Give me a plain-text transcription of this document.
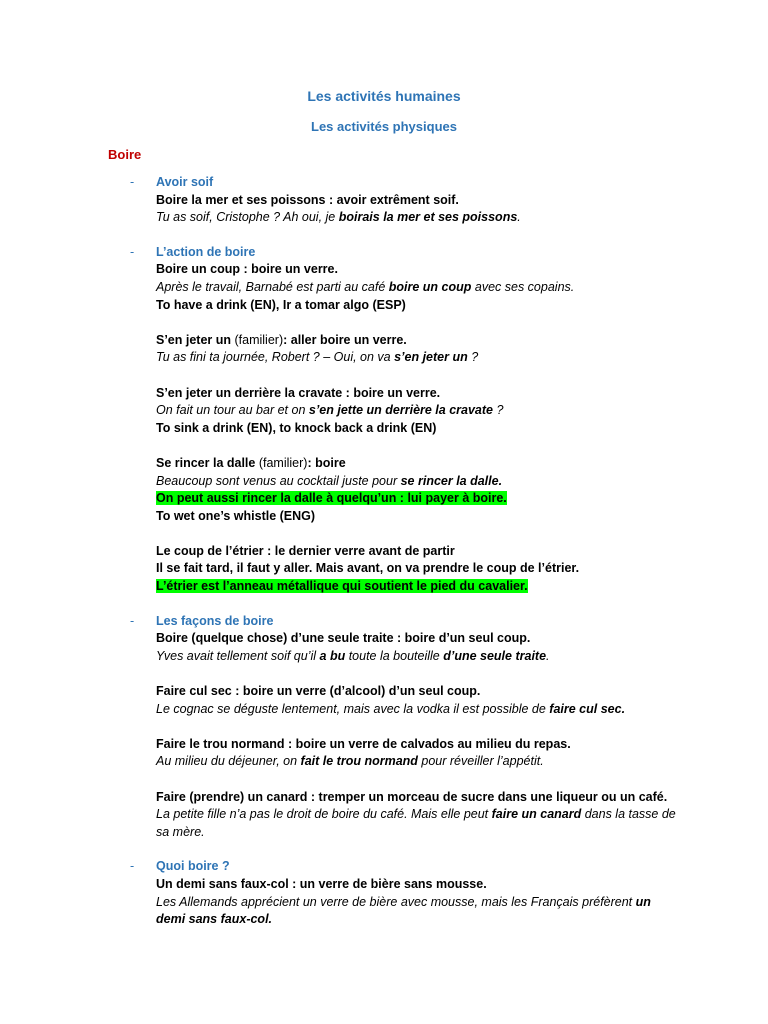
Les activités humaines
Les activités physiques
Boire
- Avoir soif
Boire la mer et ses poissons : avoir extrêment soif.
Tu as soif, Cristophe ? Ah oui, je boirais la mer et ses poissons.
- L’action de boire
Boire un coup : boire un verre.
Après le travail, Barnabé est parti au café boire un coup avec ses copains.
To have a drink (EN), Ir a tomar algo (ESP)
S’en jeter un (familier): aller boire un verre.
Tu as fini ta journée, Robert ? – Oui, on va s’en jeter un ?
S’en jeter un derrière la cravate : boire un verre.
On fait un tour au bar et on s’en jette un derrière la cravate ?
To sink a drink (EN), to knock back a drink (EN)
Se rincer la dalle (familier): boire
Beaucoup sont venus au cocktail juste pour se rincer la dalle.
On peut aussi rincer la dalle à quelqu’un : lui payer à boire.
To wet one’s whistle (ENG)
Le coup de l’étrier : le dernier verre avant de partir
Il se fait tard, il faut y aller. Mais avant, on va prendre le coup de l’étrier.
L’étrier est l’anneau métallique qui soutient le pied du cavalier.
- Les façons de boire
Boire (quelque chose) d’une seule traite : boire d’un seul coup.
Yves avait tellement soif qu’il a bu toute la bouteille d’une seule traite.
Faire cul sec : boire un verre (d’alcool) d’un seul coup.
Le cognac se déguste lentement, mais avec la vodka il est possible de faire cul sec.
Faire le trou normand : boire un verre de calvados au milieu du repas.
Au milieu du déjeuner, on fait le trou normand pour réveiller l’appétit.
Faire (prendre) un canard : tremper un morceau de sucre dans une liqueur ou un café.
La petite fille n’a pas le droit de boire du café. Mais elle peut faire un canard dans la tasse de sa mère.
- Quoi boire ?
Un demi sans faux-col : un verre de bière sans mousse.
Les Allemands apprécient un verre de bière avec mousse, mais les Français préfèrent un demi sans faux-col.
